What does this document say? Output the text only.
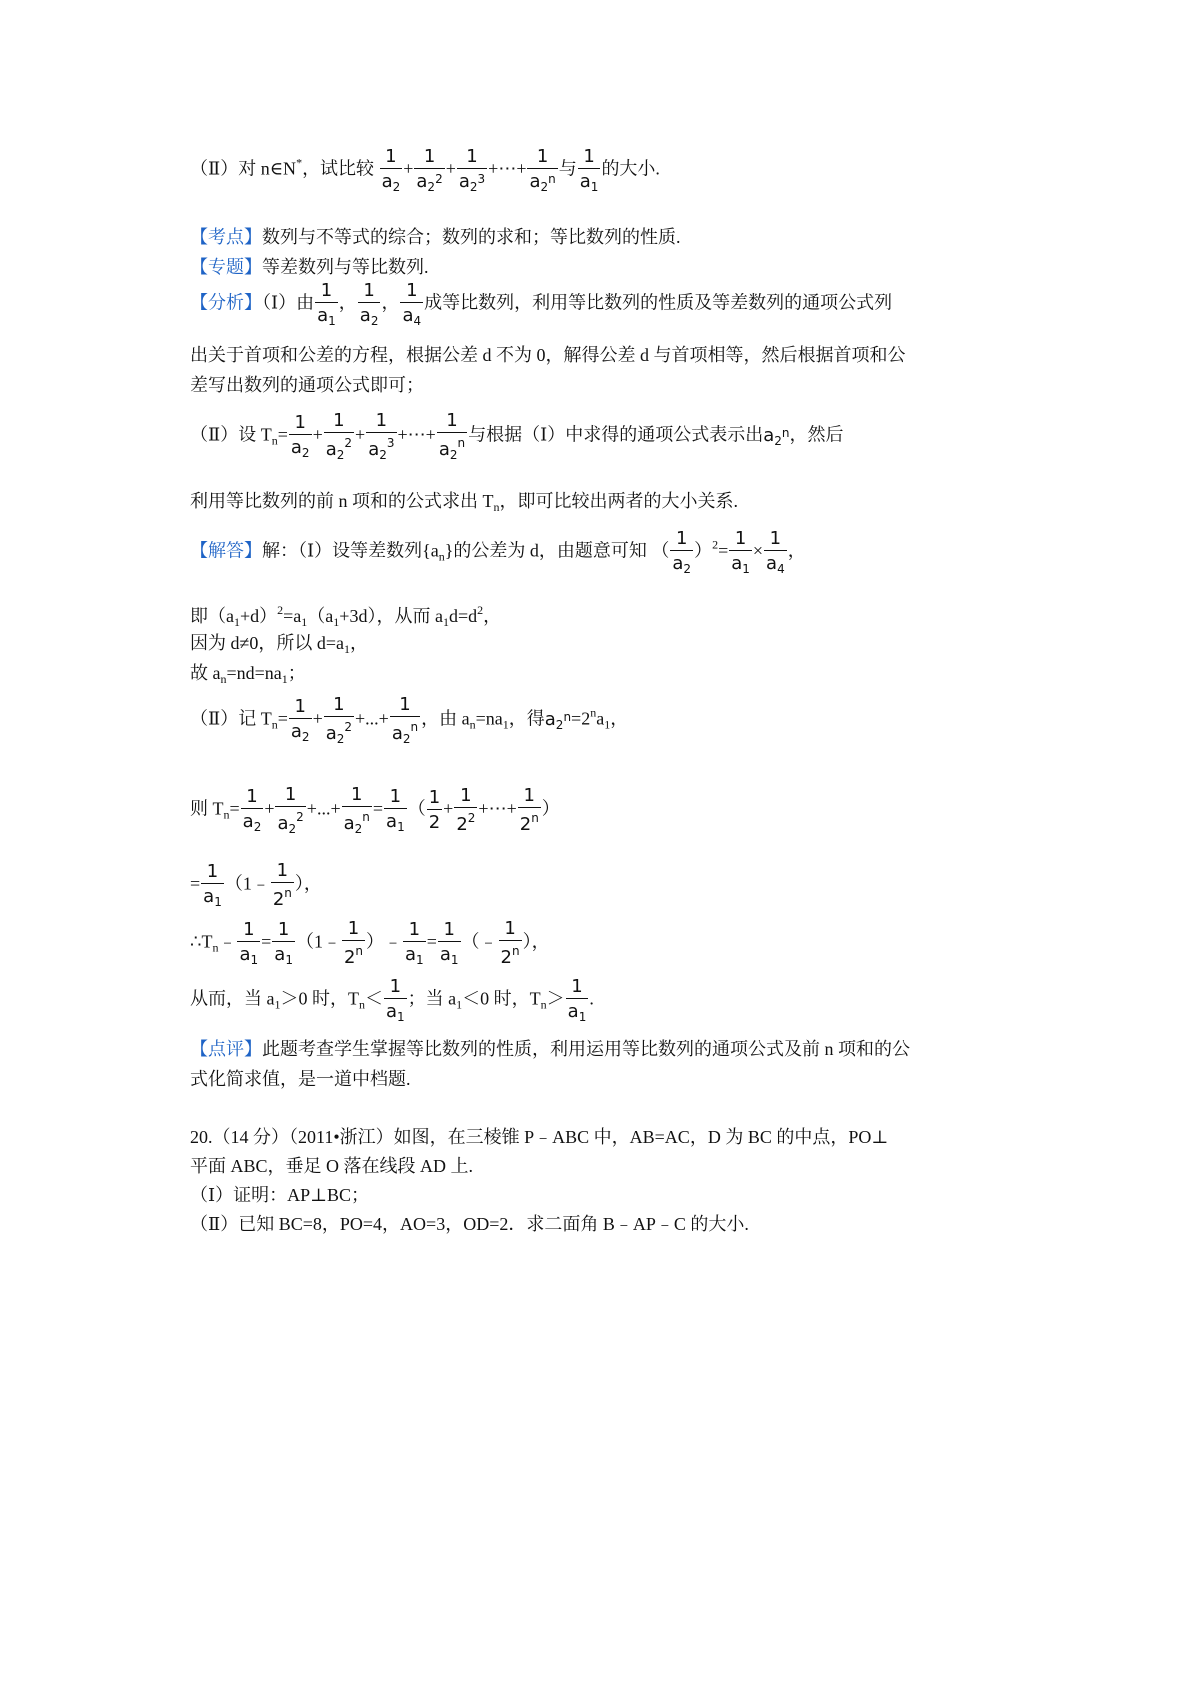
（Ⅱ）对 n∈N*，试比较 $\frac{1}{a_2} + \frac{1}{a_{2^2}} + \frac{1}{a_{2^3}}$ +⋯+ $\frac{1}{a_{2^n}}$ 与 $\frac{1}{a_1}$ 的大小.
【考点】数列与不等式的综合；数列的求和；等比数列的性质.
【专题】等差数列与等比数列.
【分析】（Ⅰ）由 $\frac{1}{a_1}$ ， $\frac{1}{a_2}$ ， $\frac{1}{a_4}$ 成等比数列，利用等比数列的性质及等差数列的通项公式列
出关于首项和公差的方程，根据公差 d 不为 0，解得公差 d 与首项相等，然后根据首项和公
差写出数列的通项公式即可；
（Ⅱ）设 $T_n= \frac{1}{a_2} + \frac{1}{a_2^2} + \frac{1}{a_2^3}$ +⋯+ $\frac{1}{a_2^n}$ 与根据（Ⅰ）中求得的通项公式表示出$a_{2^n}$，然后
利用等比数列的前 n 项和的公式求出 $T_n$，即可比较出两者的大小关系.
【解答】解：（Ⅰ）设等差数列$\{a_n\}$的公差为 d，由题意可知 （ $\frac{1}{a_2} )^2= \frac{1}{a_1} \times \frac{1}{a_4}$ ，
即$(a_1+d)^2=a_1(a_1+3d)$，从而 $a_1d=d^2$，
因为 d≠0，所以 $d=a_1$，
故 $a_n=nd=na_1$；
（Ⅱ）记 $T_n= \frac{1}{a_2} + \frac{1}{a_2^2}$ +...+ $\frac{1}{a_2^n}$ ，由 $a_n=na_1$，得$a_{2^n}=2^na_1$，
则 $T_n= \frac{1}{a_2} + \frac{1}{a_2^2}$ +...+ $\frac{1}{a_2^n} = \frac{1}{a_1}$ （ $\frac{1}{2} + \frac{1}{2^2}$ +⋯+ $\frac{1}{2^n}$ ）
= $\frac{1}{a_1}$ （1﹣ $\frac{1}{2^n}$ ），
$\therefore T_n﹣ \frac{1}{a_1} = \frac{1}{a_1}$ （1﹣ $\frac{1}{2^n}$ ）﹣ $\frac{1}{a_1} = \frac{1}{a_1}$ （﹣ $\frac{1}{2^n}$ ），
从而，当 $a_1>0$ 时，$T_n< \frac{1}{a_1}$ ；当 $a_1<0$ 时，$T_n> \frac{1}{a_1}$ .
【点评】此题考查学生掌握等比数列的性质，利用运用等比数列的通项公式及前 n 项和的公
式化简求值，是一道中档题.
20.（14 分）（2011•浙江）如图，在三棱锥 P﹣ABC 中，AB=AC，D 为 BC 的中点，PO⊥
平面 ABC，垂足 O 落在线段 AD 上.
（Ⅰ）证明：AP⊥BC；
（Ⅱ）已知 BC=8，PO=4，AO=3，OD=2．求二面角 B﹣AP﹣C 的大小.
